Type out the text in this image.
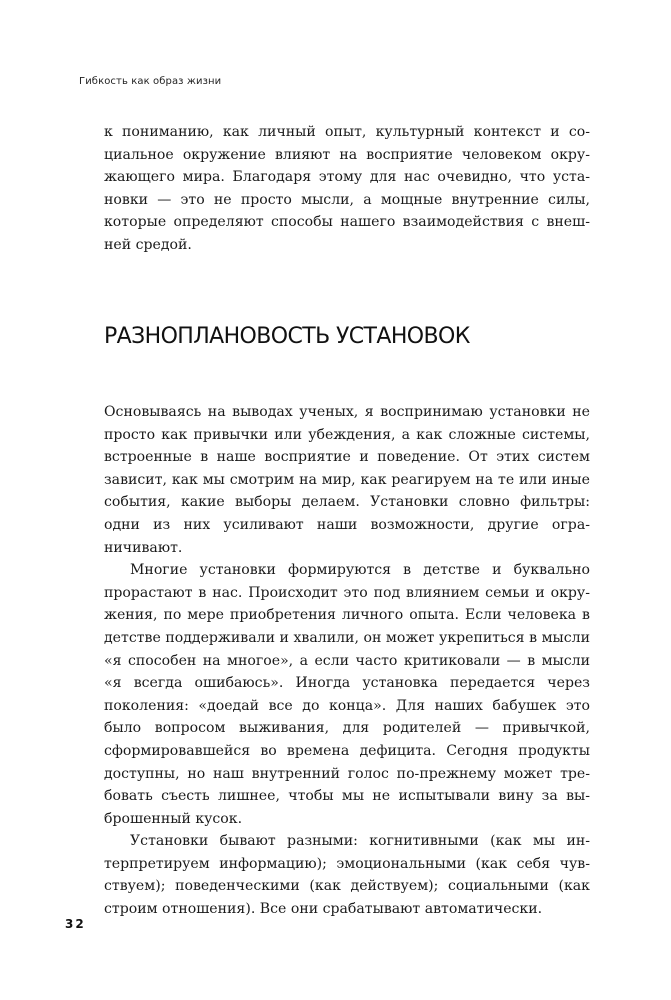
Гибкость как образ жизни

к пониманию, как личный опыт, культурный контекст и социальное окружение влияют на восприятие человеком окружающего мира. Благодаря этому для нас очевидно, что установки — это не просто мысли, а мощные внутренние силы, которые определяют способы нашего взаимодействия с внешней средой.

РАЗНОПЛАНОВОСТЬ УСТАНОВОК

Основываясь на выводах ученых, я воспринимаю установки не просто как привычки или убеждения, а как сложные системы, встроенные в наше восприятие и поведение. От этих систем зависит, как мы смотрим на мир, как реагируем на те или иные события, какие выборы делаем. Установки словно фильтры: одни из них усиливают наши возможности, другие ограничивают.

Многие установки формируются в детстве и буквально прорастают в нас. Происходит это под влиянием семьи и окружения, по мере приобретения личного опыта. Если человека в детстве поддерживали и хвалили, он может укрепиться в мысли «я способен на многое», а если часто критиковали — в мысли «я всегда ошибаюсь». Иногда установка передается через поколения: «доедай все до конца». Для наших бабушек это было вопросом выживания, для родителей — привычкой, сформировавшейся во времена дефицита. Сегодня продукты доступны, но наш внутренний голос по-прежнему может требовать съесть лишнее, чтобы мы не испытывали вину за выброшенный кусок.

Установки бывают разными: когнитивными (как мы интерпретируем информацию); эмоциональными (как себя чувствуем); поведенческими (как действуем); социальными (как строим отношения). Все они срабатывают автоматически.

32
